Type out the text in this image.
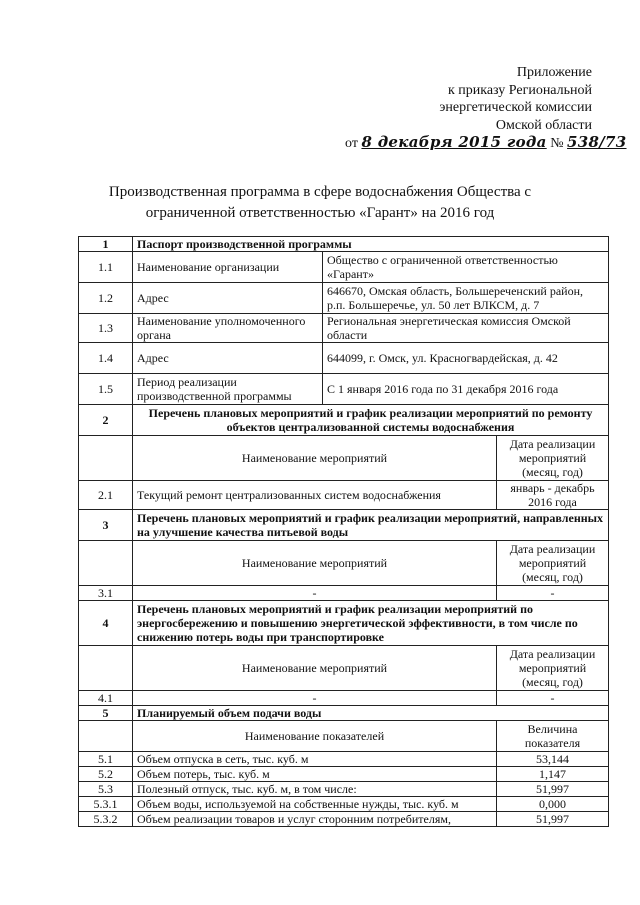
Приложение
к приказу Региональной
энергетической комиссии
Омской области
от 8 декабря 2015 года № 538/73
Производственная программа в сфере водоснабжения Общества с
ограниченной ответственностью «Гарант» на 2016 год
1	Паспорт производственной программы		
1.1	Наименование организации	Общество с ограниченной ответственностью «Гарант»	
1.2	Адрес	646670, Омская область, Большереченский район, р.п. Большеречье, ул. 50 лет ВЛКСМ, д. 7	
1.3	Наименование уполномоченного органа	Региональная энергетическая комиссия Омской области	
1.4	Адрес	644099, г. Омск, ул. Красногвардейская, д. 42	
1.5	Период реализации производственной программы	С 1 января 2016 года по 31 декабря 2016 года	
2	Перечень плановых мероприятий и график реализации мероприятий по ремонту объектов централизованной системы водоснабжения		
	Наименование мероприятий		Дата реализации мероприятий (месяц, год)
2.1	Текущий ремонт централизованных систем водоснабжения		январь - декабрь 2016 года
3	Перечень плановых мероприятий и график реализации мероприятий, направленных на улучшение качества питьевой воды		
	Наименование мероприятий		Дата реализации мероприятий (месяц, год)
3.1	-		-
4	Перечень плановых мероприятий и график реализации мероприятий по энергосбережению и повышению энергетической эффективности, в том числе по снижению потерь воды при транспортировке		
	Наименование мероприятий		Дата реализации мероприятий (месяц, год)
4.1	-		-
5	Планируемый объем подачи воды		
	Наименование показателей		Величина показателя
5.1	Объем отпуска в сеть, тыс. куб. м		53,144
5.2	Объем потерь, тыс. куб. м		1,147
5.3	Полезный отпуск, тыс. куб. м, в том числе:		51,997
5.3.1	Объем воды, используемой на собственные нужды, тыс. куб. м		0,000
5.3.2	Объем реализации товаров и услуг сторонним потребителям,		51,997
